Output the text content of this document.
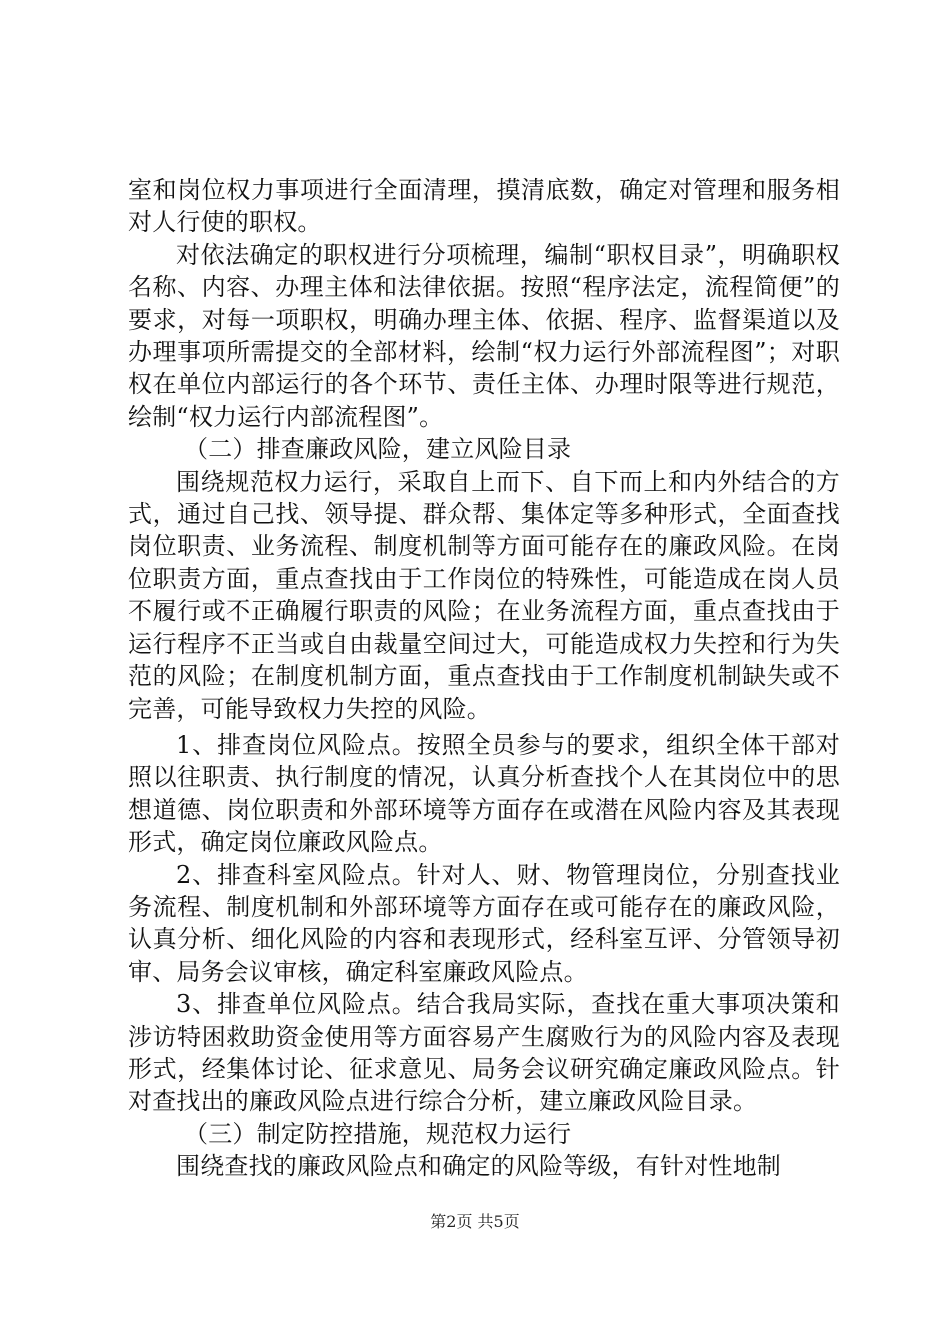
室和岗位权力事项进行全面清理，摸清底数，确定对管理和服务相对人行使的职权。

对依法确定的职权进行分项梳理，编制“职权目录”，明确职权名称、内容、办理主体和法律依据。按照“程序法定，流程简便”的要求，对每一项职权，明确办理主体、依据、程序、监督渠道以及办理事项所需提交的全部材料，绘制“权力运行外部流程图”；对职权在单位内部运行的各个环节、责任主体、办理时限等进行规范，绘制“权力运行内部流程图”。

（二）排查廉政风险，建立风险目录

围绕规范权力运行，采取自上而下、自下而上和内外结合的方式，通过自己找、领导提、群众帮、集体定等多种形式，全面查找岗位职责、业务流程、制度机制等方面可能存在的廉政风险。在岗位职责方面，重点查找由于工作岗位的特殊性，可能造成在岗人员不履行或不正确履行职责的风险；在业务流程方面，重点查找由于运行程序不正当或自由裁量空间过大，可能造成权力失控和行为失范的风险；在制度机制方面，重点查找由于工作制度机制缺失或不完善，可能导致权力失控的风险。

1、排查岗位风险点。按照全员参与的要求，组织全体干部对照以往职责、执行制度的情况，认真分析查找个人在其岗位中的思想道德、岗位职责和外部环境等方面存在或潜在风险内容及其表现形式，确定岗位廉政风险点。

2、排查科室风险点。针对人、财、物管理岗位，分别查找业务流程、制度机制和外部环境等方面存在或可能存在的廉政风险，认真分析、细化风险的内容和表现形式，经科室互评、分管领导初审、局务会议审核，确定科室廉政风险点。

3、排查单位风险点。结合我局实际，查找在重大事项决策和涉访特困救助资金使用等方面容易产生腐败行为的风险内容及表现形式，经集体讨论、征求意见、局务会议研究确定廉政风险点。针对查找出的廉政风险点进行综合分析，建立廉政风险目录。

（三）制定防控措施，规范权力运行

围绕查找的廉政风险点和确定的风险等级，有针对性地制

第2页 共5页
